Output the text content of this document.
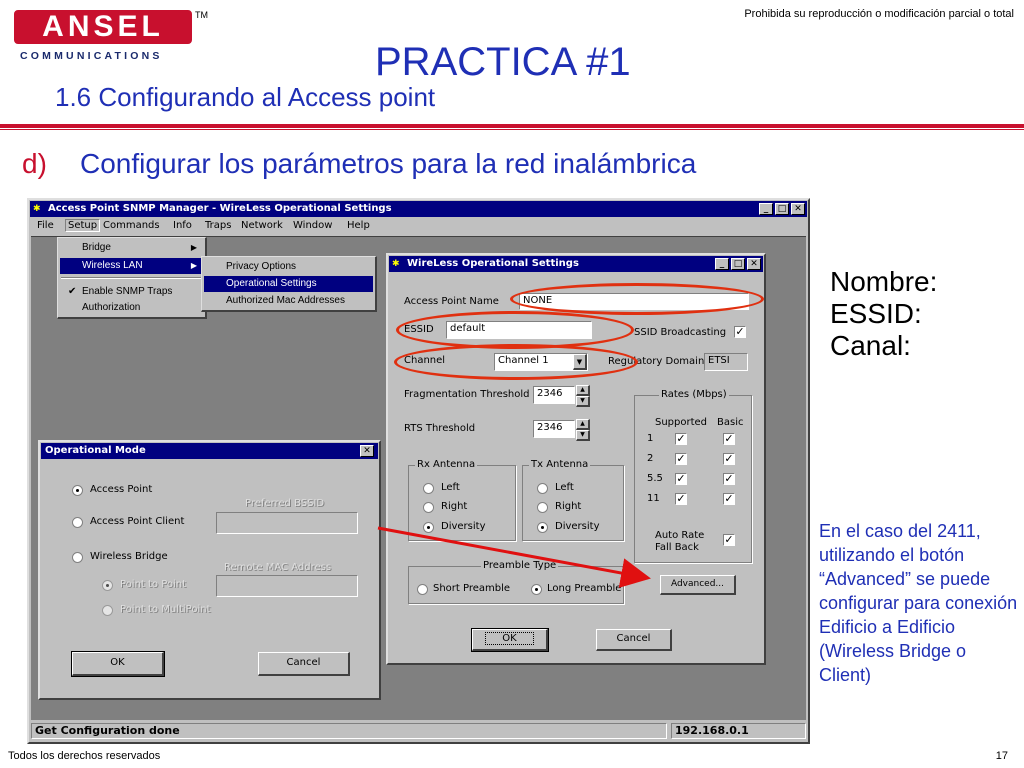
ANSEL	TM
COMMUNICATIONS
Prohibida su reproducción o modificación parcial o total
PRACTICA #1
1.6 Configurando al Access point
d) Configurar los parámetros para la red inalámbrica
✱ Access Point SNMP Manager - WireLess Operational Settings	_	□ ✕
File	Setup Commands Info Traps Network Window Help
Get Configuration done	192.168.0.1
Bridge	▶
Wireless LAN	▶
✔ Enable SNMP Traps
Authorization
Privacy Options
Operational Settings
Authorized Mac Addresses
Operational Mode	✕
Access Point
Access Point Client
Wireless Bridge
Point to Point
Point to MultiPoint
Preferred BSSID
Remote MAC Address
OK	Cancel
✱ WireLess Operational Settings	_	□ ✕
Access Point Name	NONE
ESSID	default	SSID Broadcasting ✓
Channel	Channel 1	▼	Regulatory Domain ETSI
Fragmentation Threshold 2346	▲
▼
RTS Threshold	2346	▲
▼
Rates (Mbps)
Supported Basic
1 ✓	✓
2 ✓	✓
5.5 ✓	✓
11 ✓	✓
Auto Rate
Fall Back
✓
Rx Antenna
Left
Right
Diversity
Tx Antenna
Left
Right
Diversity
Preamble Type
Short Preamble	Long Preamble	Advanced...
OK	Cancel
Nombre:
ESSID:
Canal:
En el caso del 2411, utilizando el botón “Advanced” se puede configurar para conexión Edificio a Edificio (Wireless Bridge o Client)
Todos los derechos reservados	17
